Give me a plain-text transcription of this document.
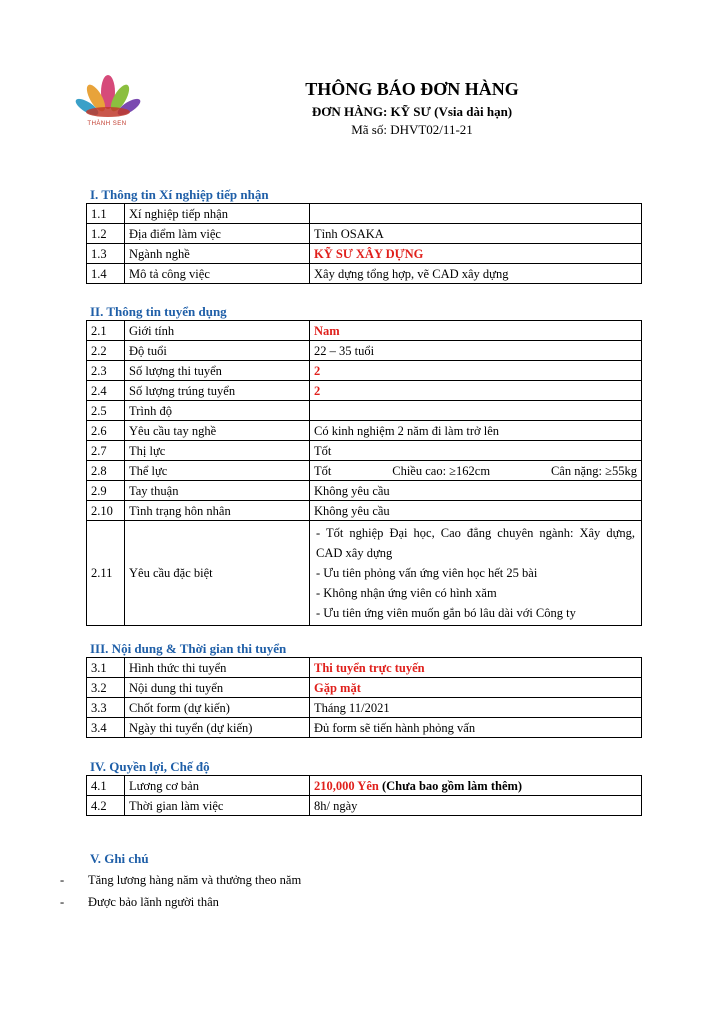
THÀNH SEN
THÔNG BÁO ĐƠN HÀNG
ĐƠN HÀNG: KỸ SƯ (Vsia dài hạn)
Mã số: DHVT02/11-21
I. Thông tin Xí nghiệp tiếp nhận
1.1	Xí nghiệp tiếp nhận	
1.2	Địa điểm làm việc	Tỉnh OSAKA
1.3	Ngành nghề	KỸ SƯ XÂY DỰNG
1.4	Mô tả công việc	Xây dựng tổng hợp, vẽ CAD xây dựng
II. Thông tin tuyển dụng
2.1	Giới tính	Nam
2.2	Độ tuổi	22 – 35 tuổi
2.3	Số lượng thi tuyển	2
2.4	Số lượng trúng tuyển	2
2.5	Trình độ	
2.6	Yêu cầu tay nghề	Có kinh nghiệm 2 năm đi làm trở lên
2.7	Thị lực	Tốt
2.8	Thể lực	Tốt Chiều cao: ≥162cm Cân nặng: ≥55kg

2.9	Tay thuận	Không yêu cầu
2.10	Tình trạng hôn nhân	Không yêu cầu
2.11	Yêu cầu đặc biệt	- Tốt nghiệp Đại học, Cao đẳng chuyên ngành: Xây dựng, CAD xây dựng
- Ưu tiên phỏng vấn ứng viên học hết 25 bài
- Không nhận ứng viên có hình xăm
- Ưu tiên ứng viên muốn gắn bó lâu dài với Công ty
III. Nội dung & Thời gian thi tuyển
3.1	Hình thức thi tuyển	Thi tuyển trực tuyến
3.2	Nội dung thi tuyển	Gặp mặt
3.3	Chốt form (dự kiến)	Tháng 11/2021
3.4	Ngày thi tuyển (dự kiến)	Đủ form sẽ tiến hành phỏng vấn
IV. Quyền lợi, Chế độ
4.1	Lương cơ bản	210,000 Yên (Chưa bao gồm làm thêm)
4.2	Thời gian làm việc	8h/ ngày
V. Ghi chú
-	Tăng lương hàng năm và thưởng theo năm
-	Được bảo lãnh người thân
